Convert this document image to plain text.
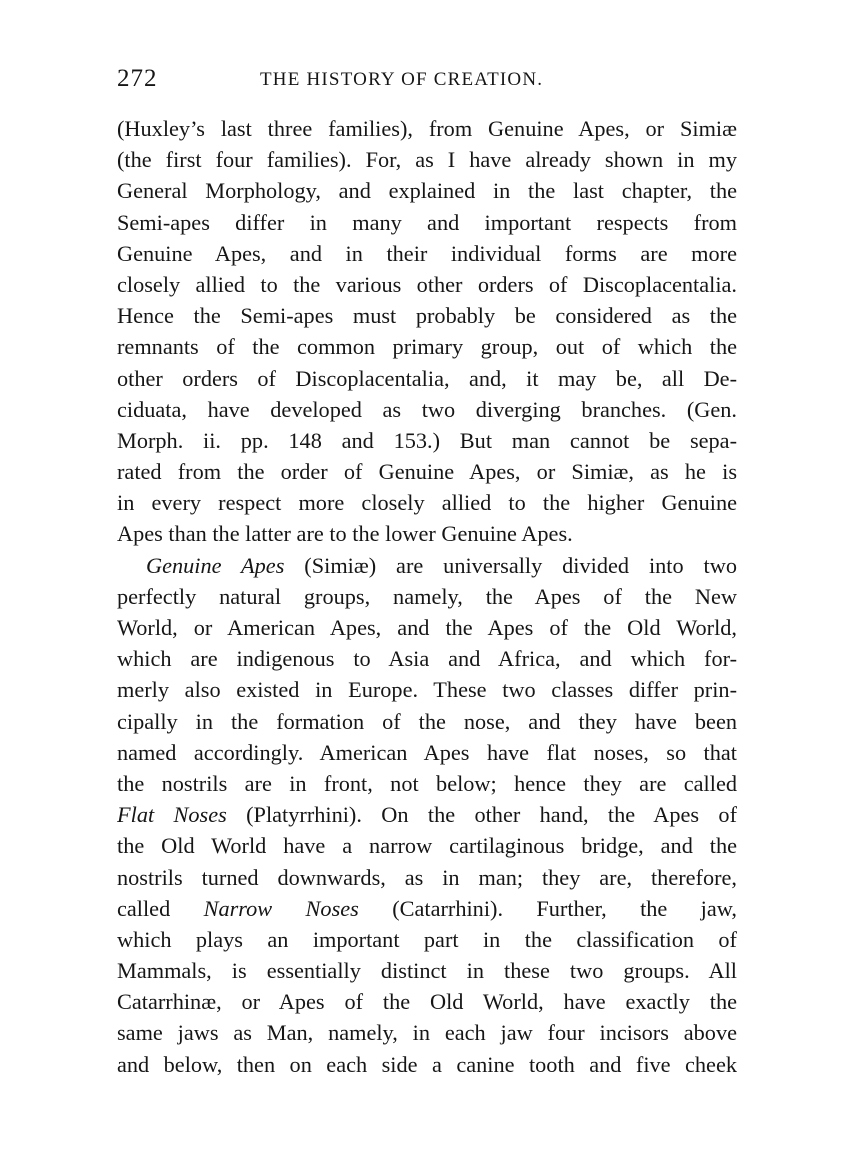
272	THE HISTORY OF CREATION.
(Huxley’s last three families), from Genuine Apes, or Simiæ
(the first four families). For, as I have already shown in my
General Morphology, and explained in the last chapter, the
Semi-apes differ in many and important respects from
Genuine Apes, and in their individual forms are more
closely allied to the various other orders of Discoplacentalia.
Hence the Semi-apes must probably be considered as the
remnants of the common primary group, out of which the
other orders of Discoplacentalia, and, it may be, all De-
ciduata, have developed as two diverging branches. (Gen.
Morph. ii. pp. 148 and 153.) But man cannot be sepa-
rated from the order of Genuine Apes, or Simiæ, as he is
in every respect more closely allied to the higher Genuine
Apes than the latter are to the lower Genuine Apes.
Genuine Apes (Simiæ) are universally divided into two
perfectly natural groups, namely, the Apes of the New
World, or American Apes, and the Apes of the Old World,
which are indigenous to Asia and Africa, and which for-
merly also existed in Europe. These two classes differ prin-
cipally in the formation of the nose, and they have been
named accordingly. American Apes have flat noses, so that
the nostrils are in front, not below; hence they are called
Flat Noses (Platyrrhini). On the other hand, the Apes of
the Old World have a narrow cartilaginous bridge, and the
nostrils turned downwards, as in man; they are, therefore,
called Narrow Noses (Catarrhini). Further, the jaw,
which plays an important part in the classification of
Mammals, is essentially distinct in these two groups. All
Catarrhinæ, or Apes of the Old World, have exactly the
same jaws as Man, namely, in each jaw four incisors above
and below, then on each side a canine tooth and five cheek
